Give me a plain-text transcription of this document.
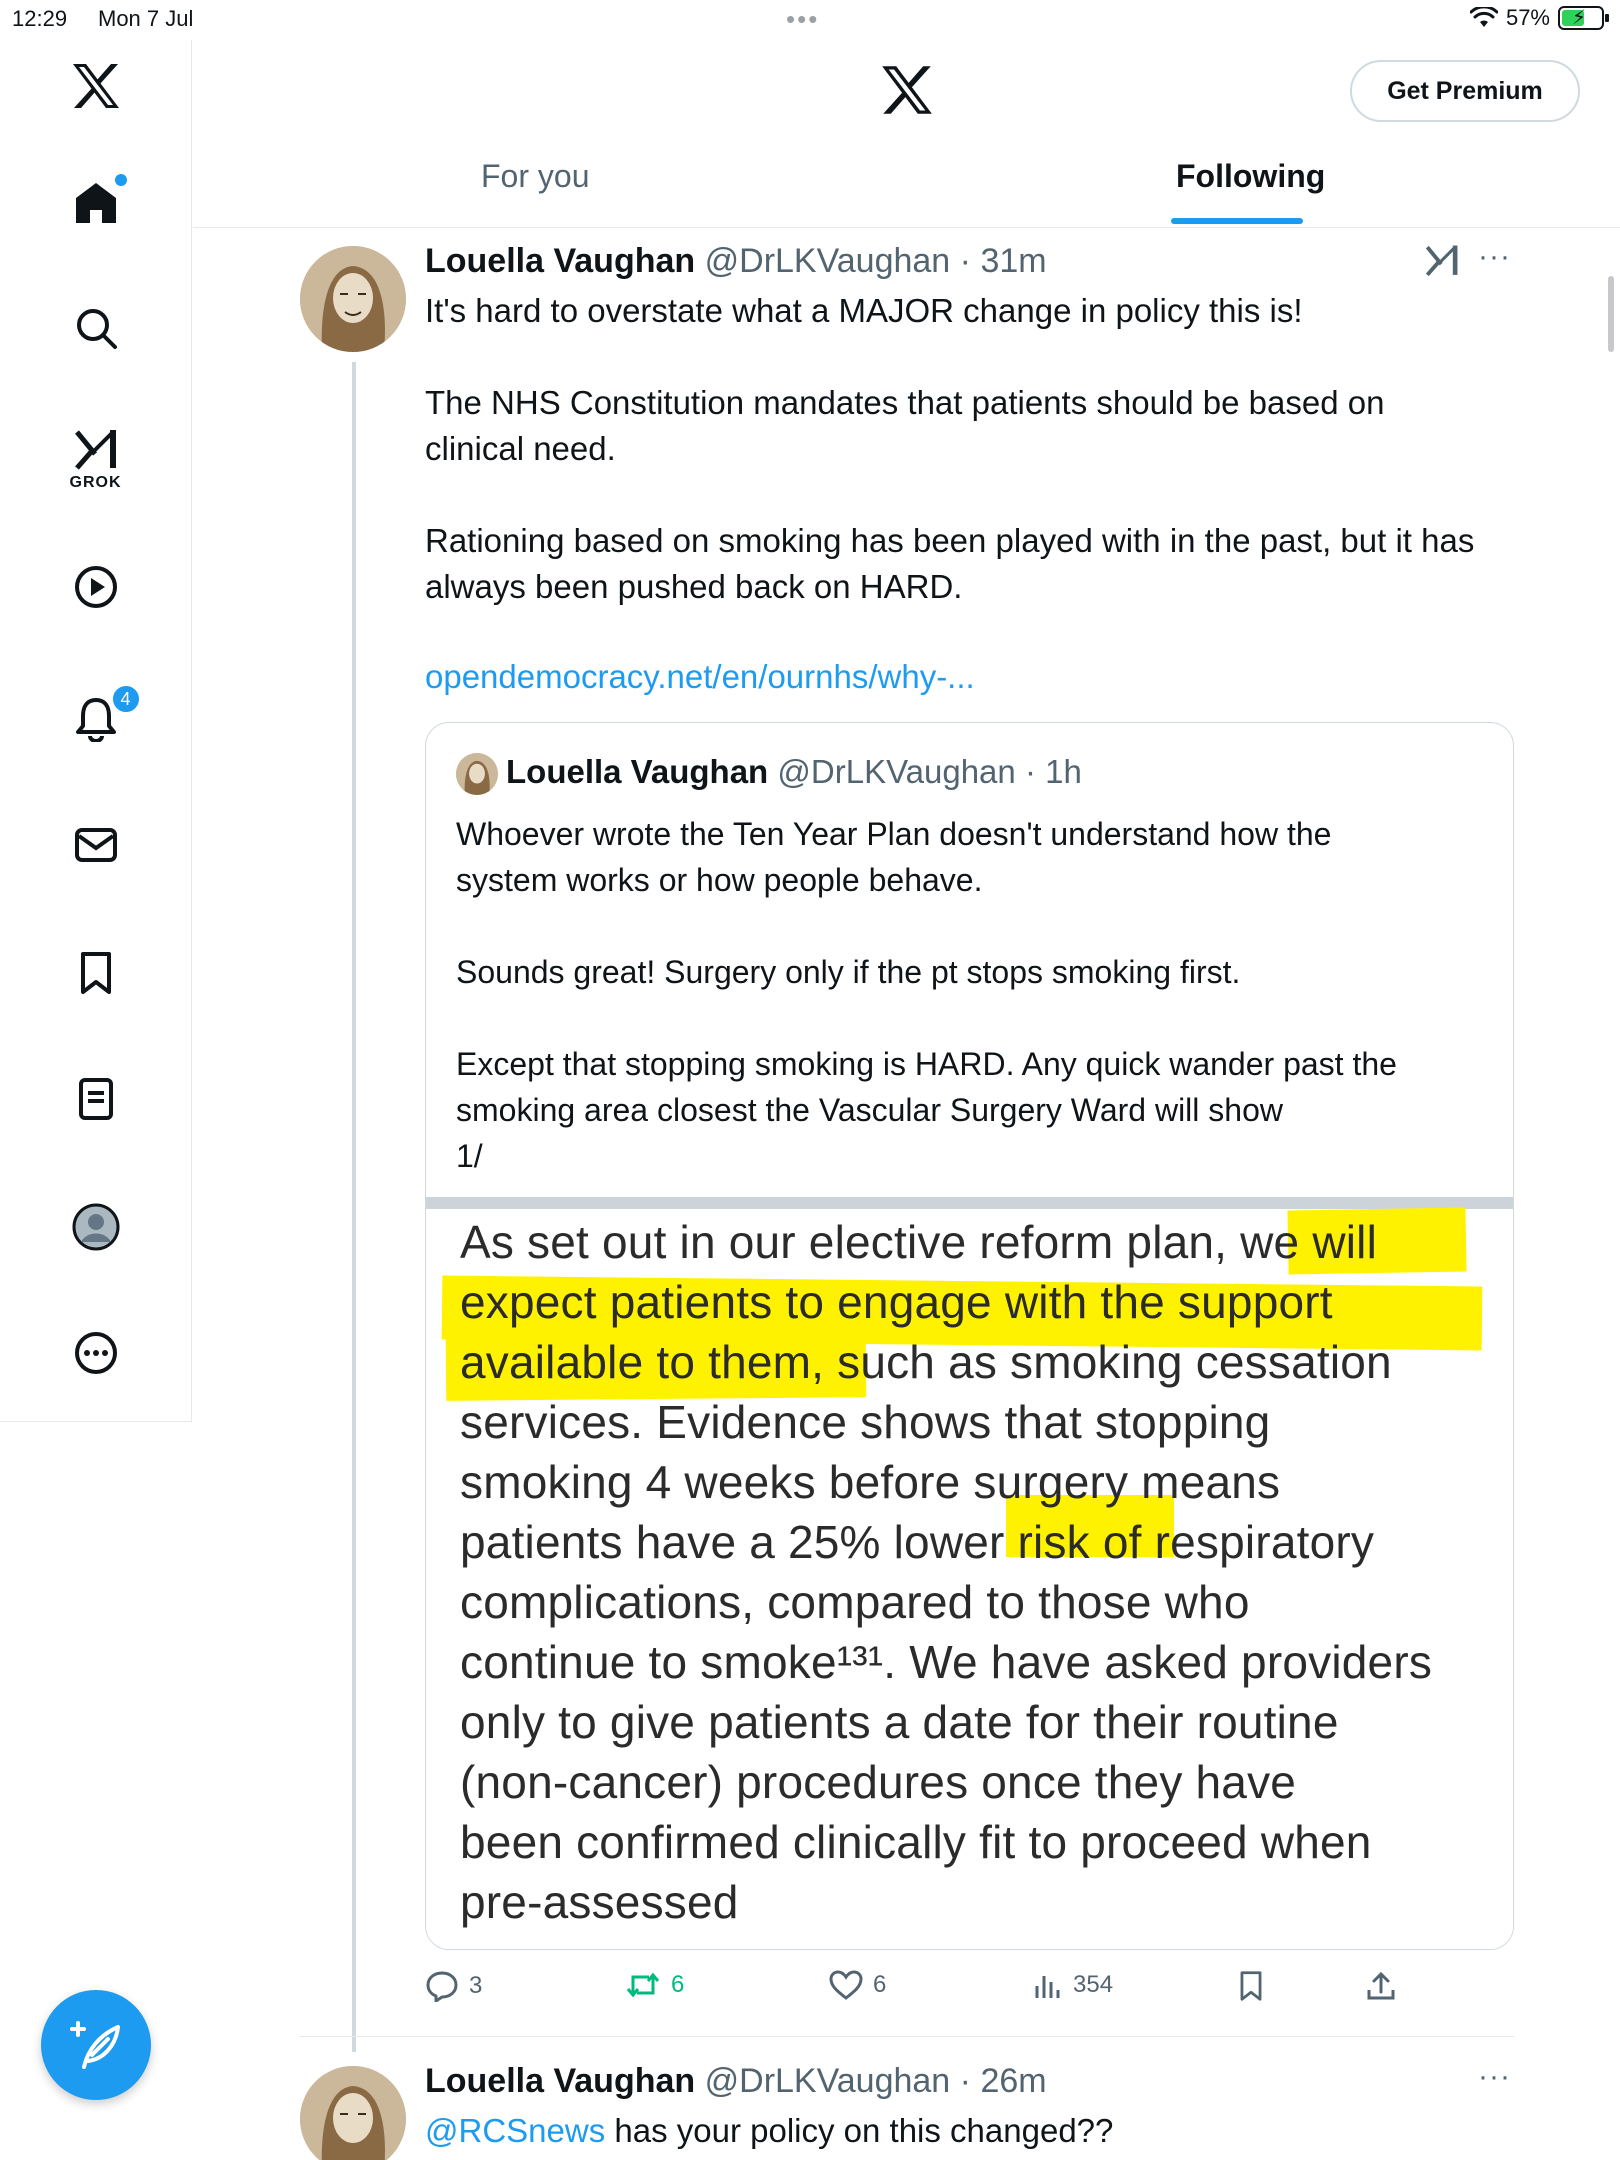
12:29 Mon 7 Jul	•••	57% ⚡
GROK
4
Get Premium
For you	Following
Louella Vaughan @DrLKVaughan · 31m	···
It's hard to overstate what a MAJOR change in policy this is!
The NHS Constitution mandates that patients should be based on
clinical need.
Rationing based on smoking has been played with in the past, but it has
always been pushed back on HARD.
opendemocracy.net/en/ournhs/why-...
Louella Vaughan @DrLKVaughan · 1h
Whoever wrote the Ten Year Plan doesn't understand how the
system works or how people behave.
Sounds great! Surgery only if the pt stops smoking first.
Except that stopping smoking is HARD. Any quick wander past the
smoking area closest the Vascular Surgery Ward will show
1/
As set out in our elective reform plan, we will
expect patients to engage with the support
available to them, such as smoking cessation
services. Evidence shows that stopping
smoking 4 weeks before surgery means
patients have a 25% lower risk of respiratory
complications, compared to those who
continue to smoke¹³¹. We have asked providers
only to give patients a date for their routine
(non-cancer) procedures once they have
been confirmed clinically fit to proceed when
pre-assessed
3	6	6	354
Louella Vaughan @DrLKVaughan · 26m	···
@RCSnews has your policy on this changed??
